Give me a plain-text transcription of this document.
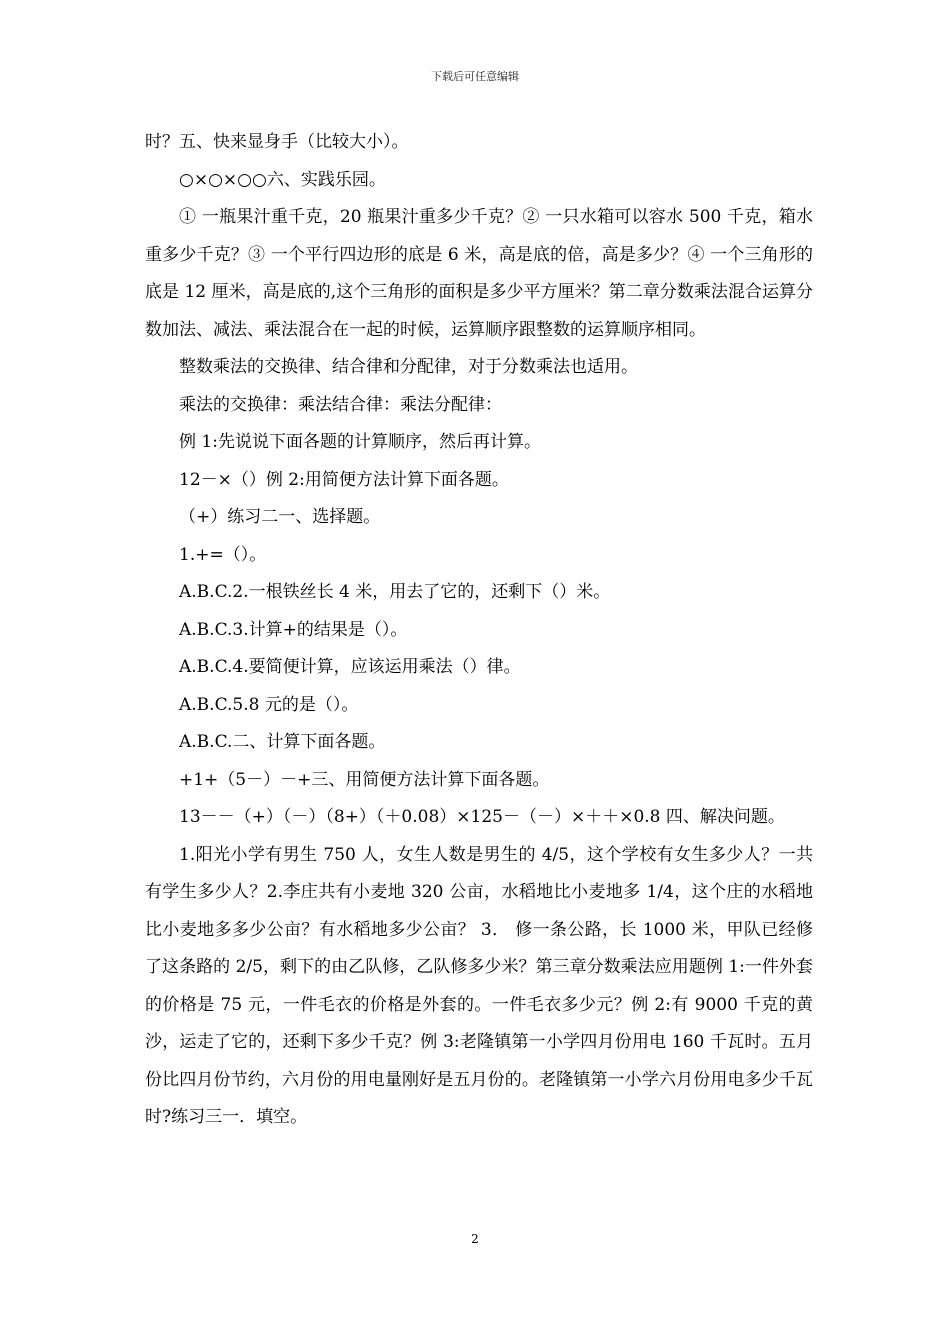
下载后可任意编辑

时？五、快来显身手（比较大小）。

○×○×○○六、实践乐园。

① 一瓶果汁重千克，20 瓶果汁重多少千克？② 一只水箱可以容水 500 千克，箱水重多少千克？③ 一个平行四边形的底是 6 米，高是底的倍，高是多少？④ 一个三角形的底是 12 厘米，高是底的,这个三角形的面积是多少平方厘米？第二章分数乘法混合运算分数加法、减法、乘法混合在一起的时候，运算顺序跟整数的运算顺序相同。

整数乘法的交换律、结合律和分配律，对于分数乘法也适用。

乘法的交换律：乘法结合律：乘法分配律：

例 1:先说说下面各题的计算顺序，然后再计算。

12－×（）例 2:用简便方法计算下面各题。

（+）练习二一、选择题。

1.+=（）。

A.B.C.2.一根铁丝长 4 米，用去了它的，还剩下（）米。

A.B.C.3.计算+的结果是（）。

A.B.C.4.要简便计算，应该运用乘法（）律。

A.B.C.5.8 元的是（）。

A.B.C.二、计算下面各题。

+1+（5－）－+三、用简便方法计算下面各题。

13－－（+）（－）（8+）（＋0.08）×125－（－）×＋＋×0.8 四、解决问题。

1.阳光小学有男生 750 人，女生人数是男生的 4/5，这个学校有女生多少人？一共有学生多少人？2.李庄共有小麦地 320 公亩，水稻地比小麦地多 1/4，这个庄的水稻地比小麦地多多少公亩？有水稻地多少公亩？ 3． 修一条公路，长 1000 米，甲队已经修了这条路的 2/5，剩下的由乙队修，乙队修多少米？第三章分数乘法应用题例 1:一件外套的价格是 75 元，一件毛衣的价格是外套的。一件毛衣多少元？例 2:有 9000 千克的黄沙，运走了它的，还剩下多少千克？例 3:老隆镇第一小学四月份用电 160 千瓦时。五月份比四月份节约，六月份的用电量刚好是五月份的。老隆镇第一小学六月份用电多少千瓦时?练习三一．填空。

2
